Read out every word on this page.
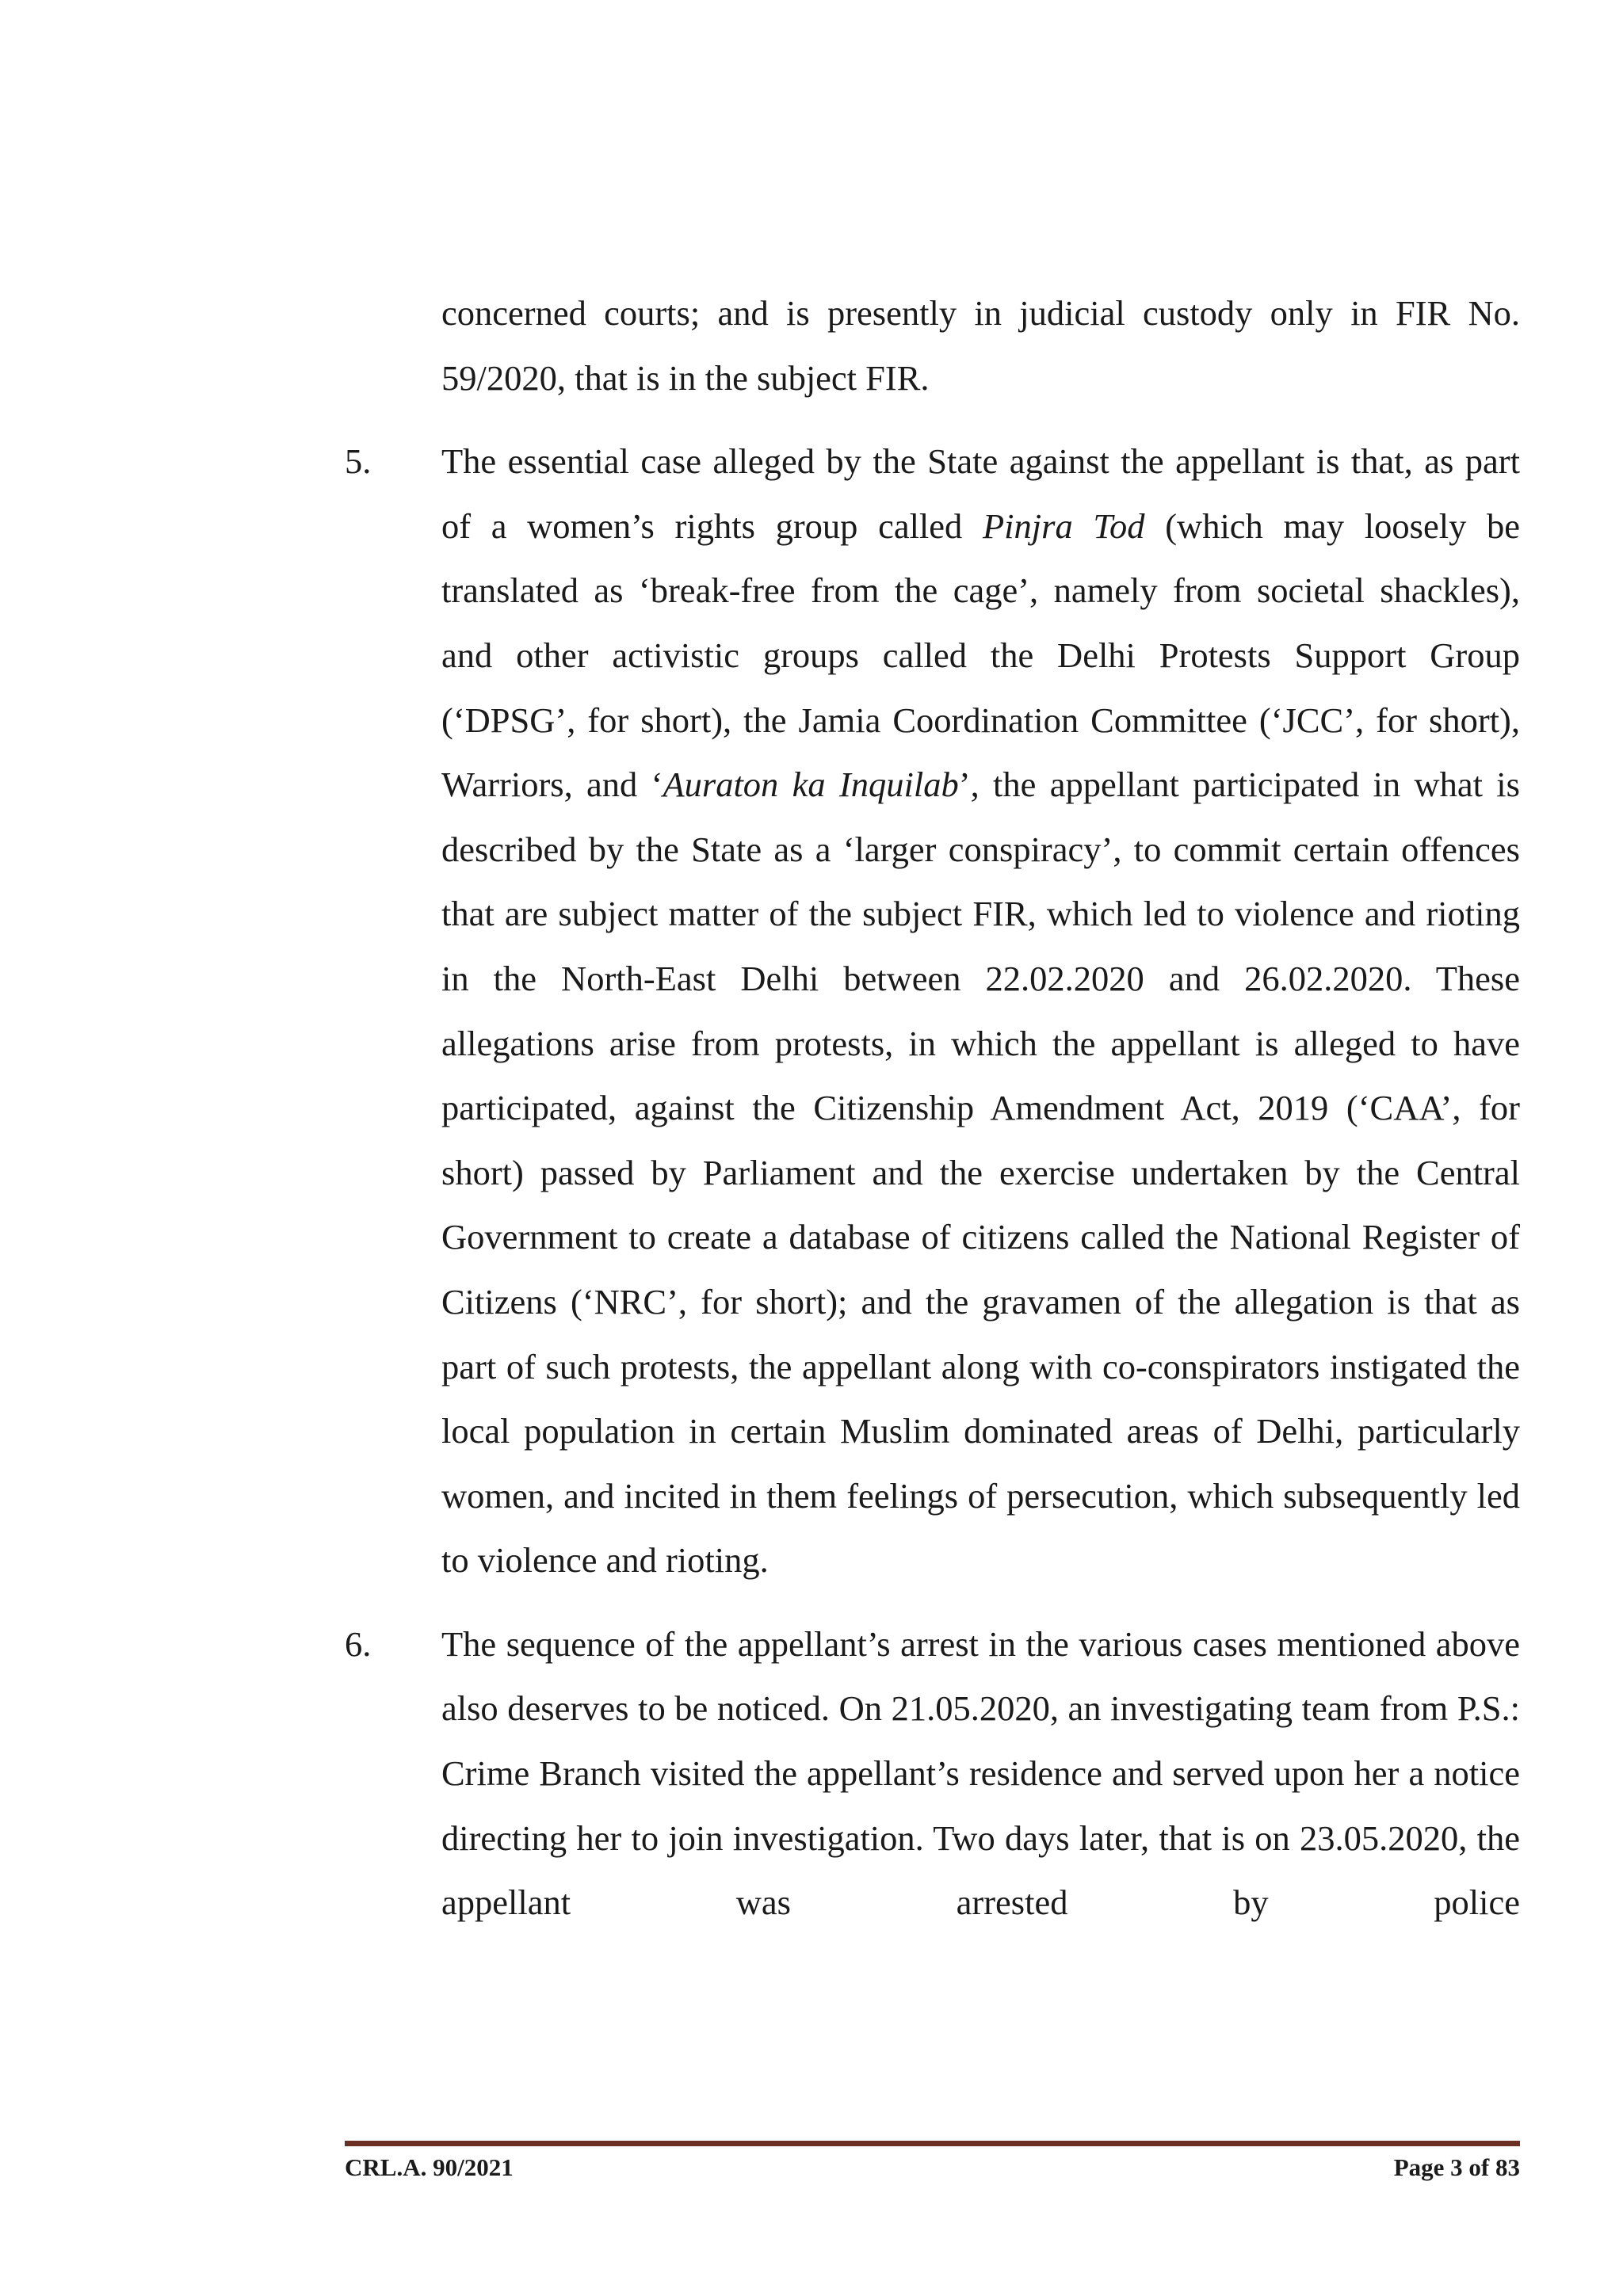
concerned courts; and is presently in judicial custody only in FIR No. 59/2020, that is in the subject FIR.

5. The essential case alleged by the State against the appellant is that, as part of a women’s rights group called Pinjra Tod (which may loosely be translated as ‘break-free from the cage’, namely from societal shackles), and other activistic groups called the Delhi Protests Support Group (‘DPSG’, for short), the Jamia Coordination Committee (‘JCC’, for short), Warriors, and ‘Auraton ka Inquilab’, the appellant participated in what is described by the State as a ‘larger conspiracy’, to commit certain offences that are subject matter of the subject FIR, which led to violence and rioting in the North-East Delhi between 22.02.2020 and 26.02.2020. These allegations arise from protests, in which the appellant is alleged to have participated, against the Citizenship Amendment Act, 2019 (‘CAA’, for short) passed by Parliament and the exercise undertaken by the Central Government to create a database of citizens called the National Register of Citizens (‘NRC’, for short); and the gravamen of the allegation is that as part of such protests, the appellant along with co-conspirators instigated the local population in certain Muslim dominated areas of Delhi, particularly women, and incited in them feelings of persecution, which subsequently led to violence and rioting.
6. The sequence of the appellant’s arrest in the various cases mentioned above also deserves to be noticed. On 21.05.2020, an investigating team from P.S.: Crime Branch visited the appellant’s residence and served upon her a notice directing her to join investigation. Two days later, that is on 23.05.2020, the appellant was arrested by police
CRL.A. 90/2021	Page 3 of 83
